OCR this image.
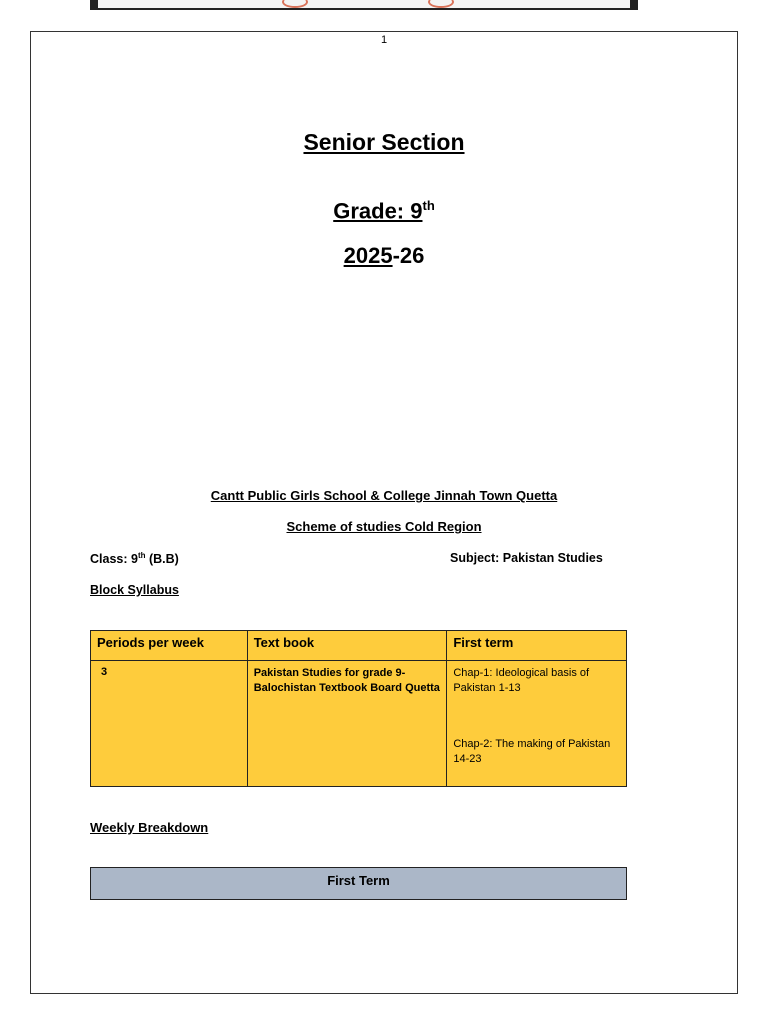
1
Senior Section
Grade: 9th
2025-26
Cantt Public Girls School & College Jinnah Town Quetta
Scheme of studies Cold Region
Class: 9th (B.B)	Subject: Pakistan Studies
Block Syllabus
Periods per week	Text book	First term
3	Pakistan Studies for grade 9-Balochistan Textbook Board Quetta	Chap-1: Ideological basis of Pakistan 1-13

Chap-2: The making of Pakistan 14-23

Weekly Breakdown
First Term
